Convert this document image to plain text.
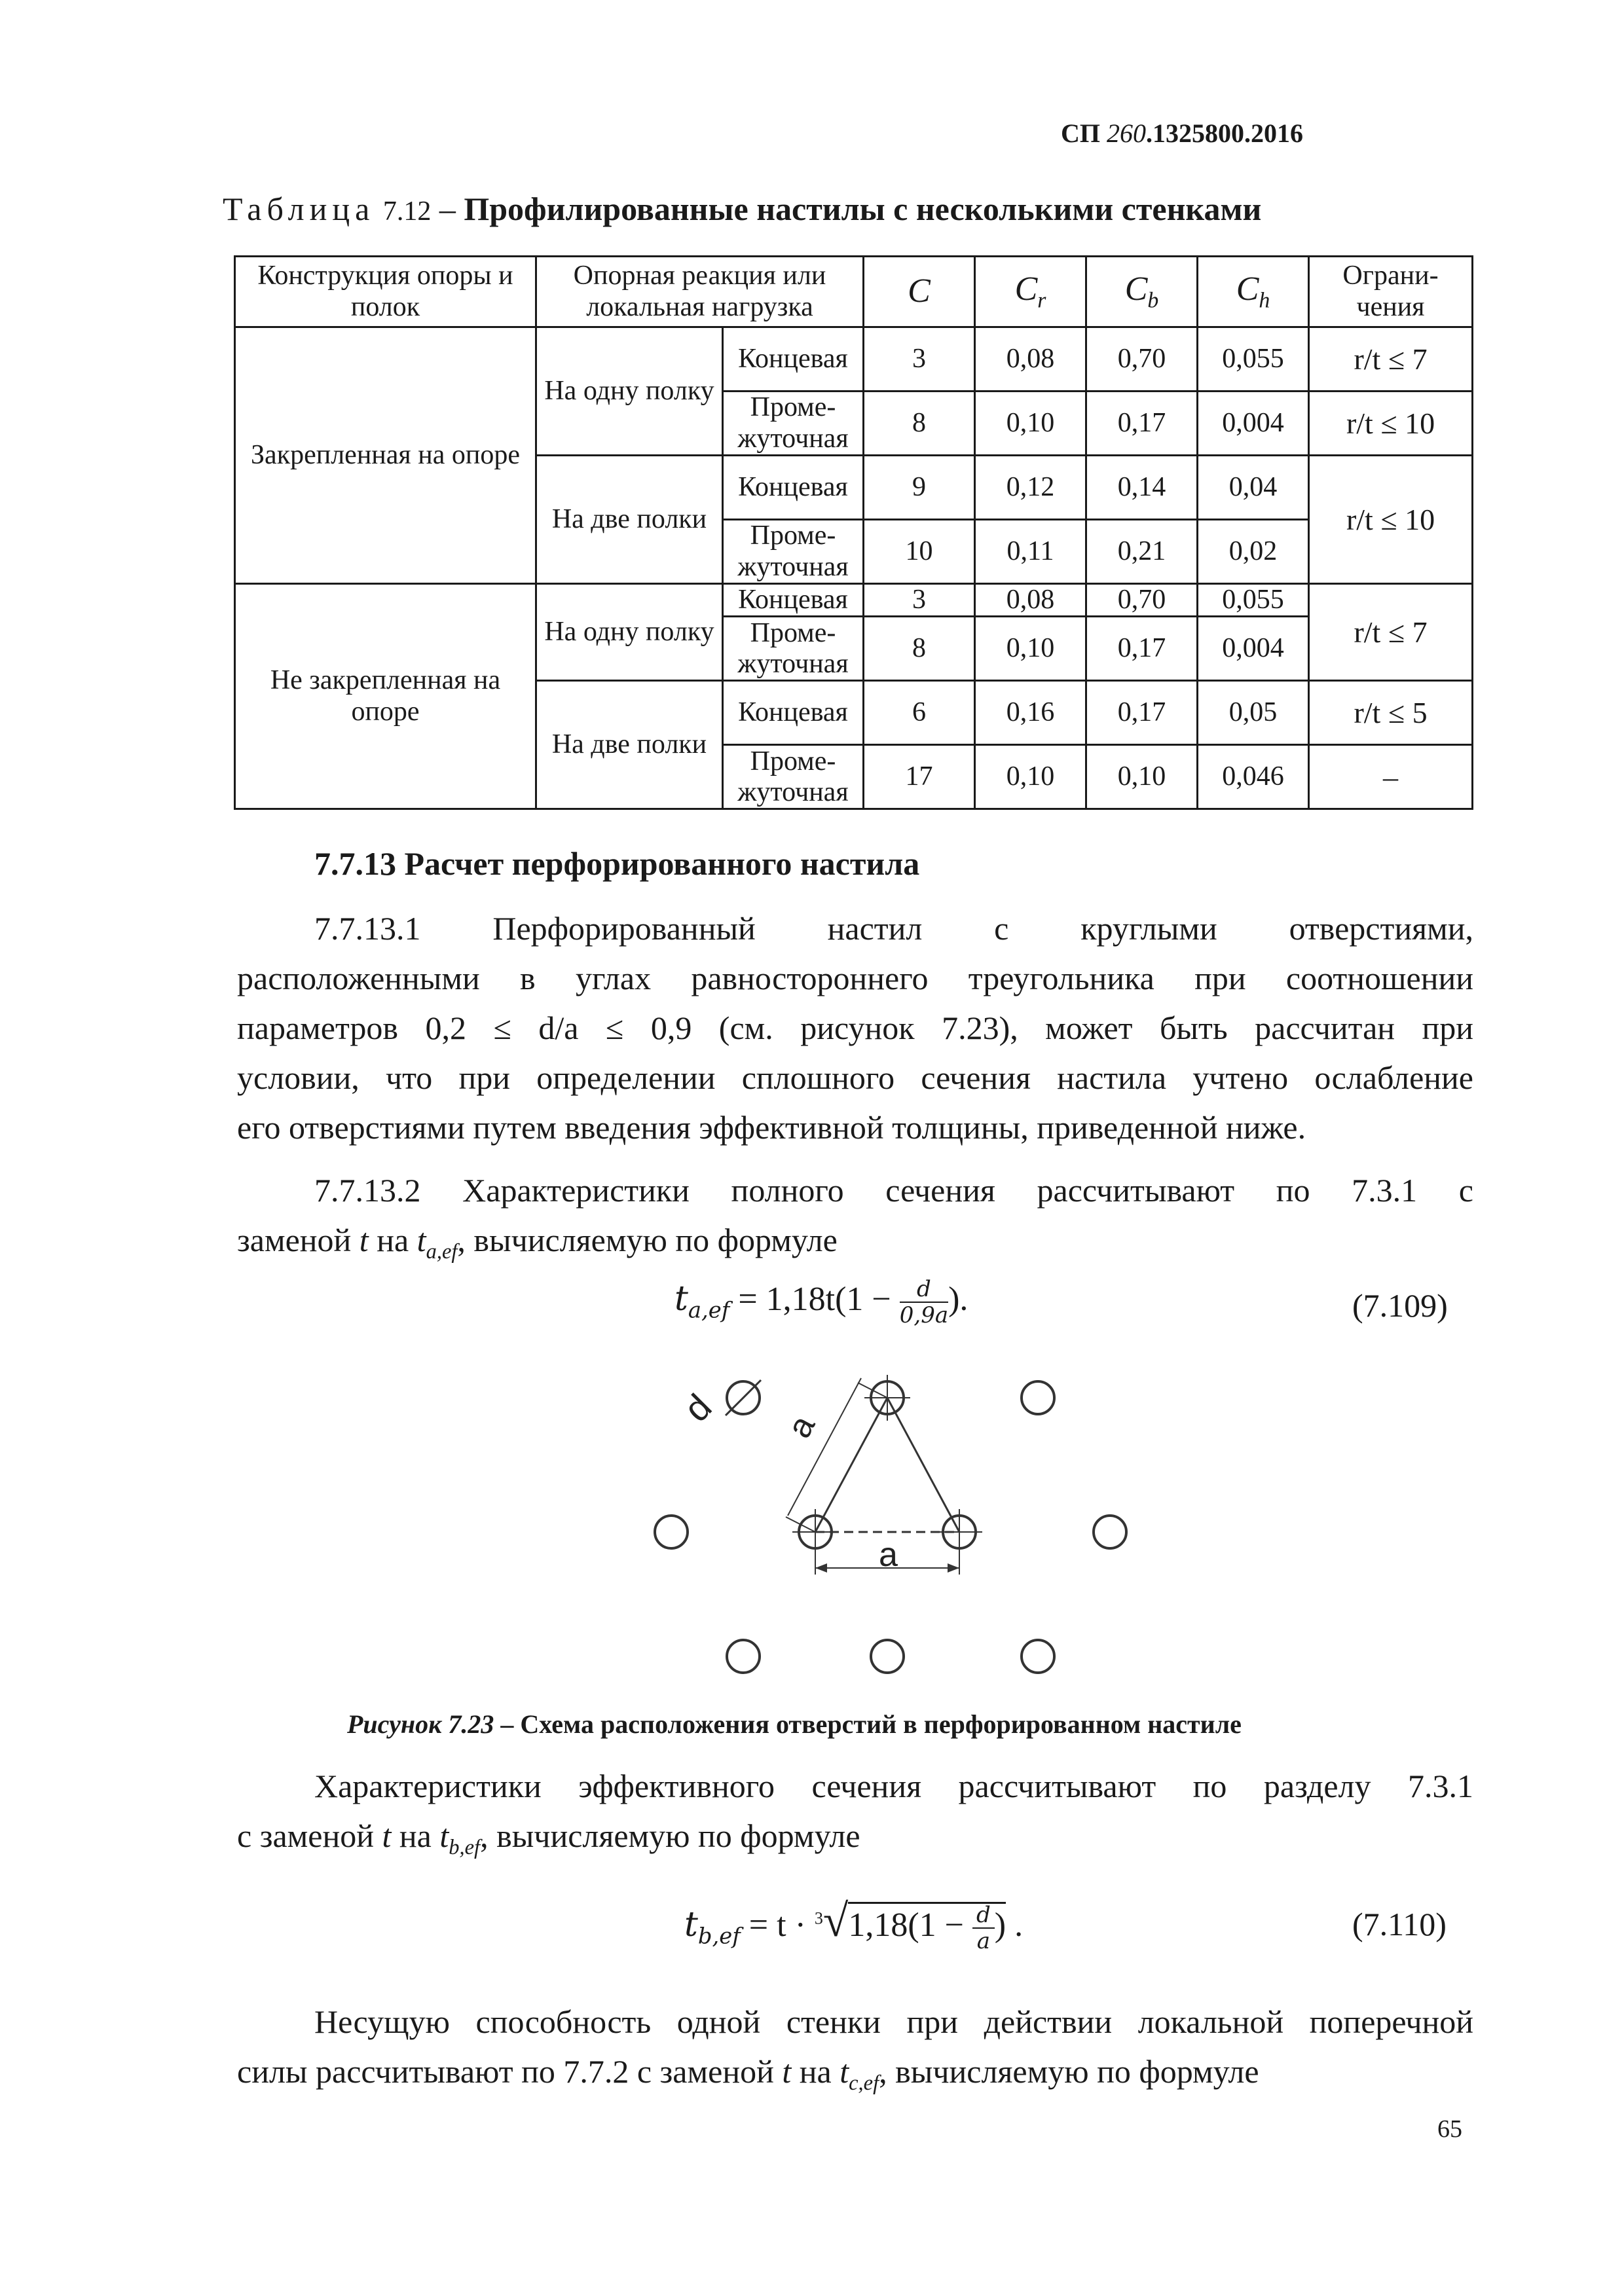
СП 260.1325800.2016
Таблица 7.12 – Профилированные настилы с несколькими стенками
Конструкция опоры и полок	Опорная реакция или локальная нагрузка		C	$C_r$	$C_b$	$C_h$	Ограни-чения
Закрепленная на опоре	На одну полку	Концевая	3	0,08	0,70	0,055	r/t ≤ 7
		Проме-жуточная	8	0,10	0,17	0,004	r/t ≤ 10
	На две полки	Концевая	9	0,12	0,14	0,04	r/t ≤ 10
		Проме-жуточная	10	0,11	0,21	0,02	
Не закрепленная на опоре	На одну полку	Концевая	3	0,08	0,70	0,055	r/t ≤ 7
		Проме-жуточная	8	0,10	0,17	0,004	
	На две полки	Концевая	6	0,16	0,17	0,05	r/t ≤ 5
		Проме-жуточная	17	0,10	0,10	0,046	–
7.7.13 Расчет перфорированного настила
7.7.13.1 Перфорированный настил с круглыми отверстиями,
расположенными в углах равностороннего треугольника при соотношении
параметров 0,2 ≤ d/a ≤ 0,9 (см. рисунок 7.23), может быть рассчитан при
условии, что при определении сплошного сечения настила учтено ослабление
его отверстиями путем введения эффективной толщины, приведенной ниже.
7.7.13.2 Характеристики полного сечения рассчитывают по 7.3.1 с
заменой t на $t_{a,ef}$, вычисляемую по формуле
$t_{a,ef} = 1,18t(1 - \frac{d}{0,9a}$ ).	(7.109)
d a
a
Рисунок 7.23 – Схема расположения отверстий в перфорированном настиле
Характеристики эффективного сечения рассчитывают по разделу 7.3.1
с заменой t на $t_{b,ef}$, вычисляемую по формуле
$t_{b,ef} = t \cdot ^3√1,18(1 - \frac{d}{a}$ ) .	(7.110)
Несущую способность одной стенки при действии локальной поперечной
силы рассчитывают по 7.7.2 с заменой t на $t_{c,ef}$, вычисляемую по формуле
65
